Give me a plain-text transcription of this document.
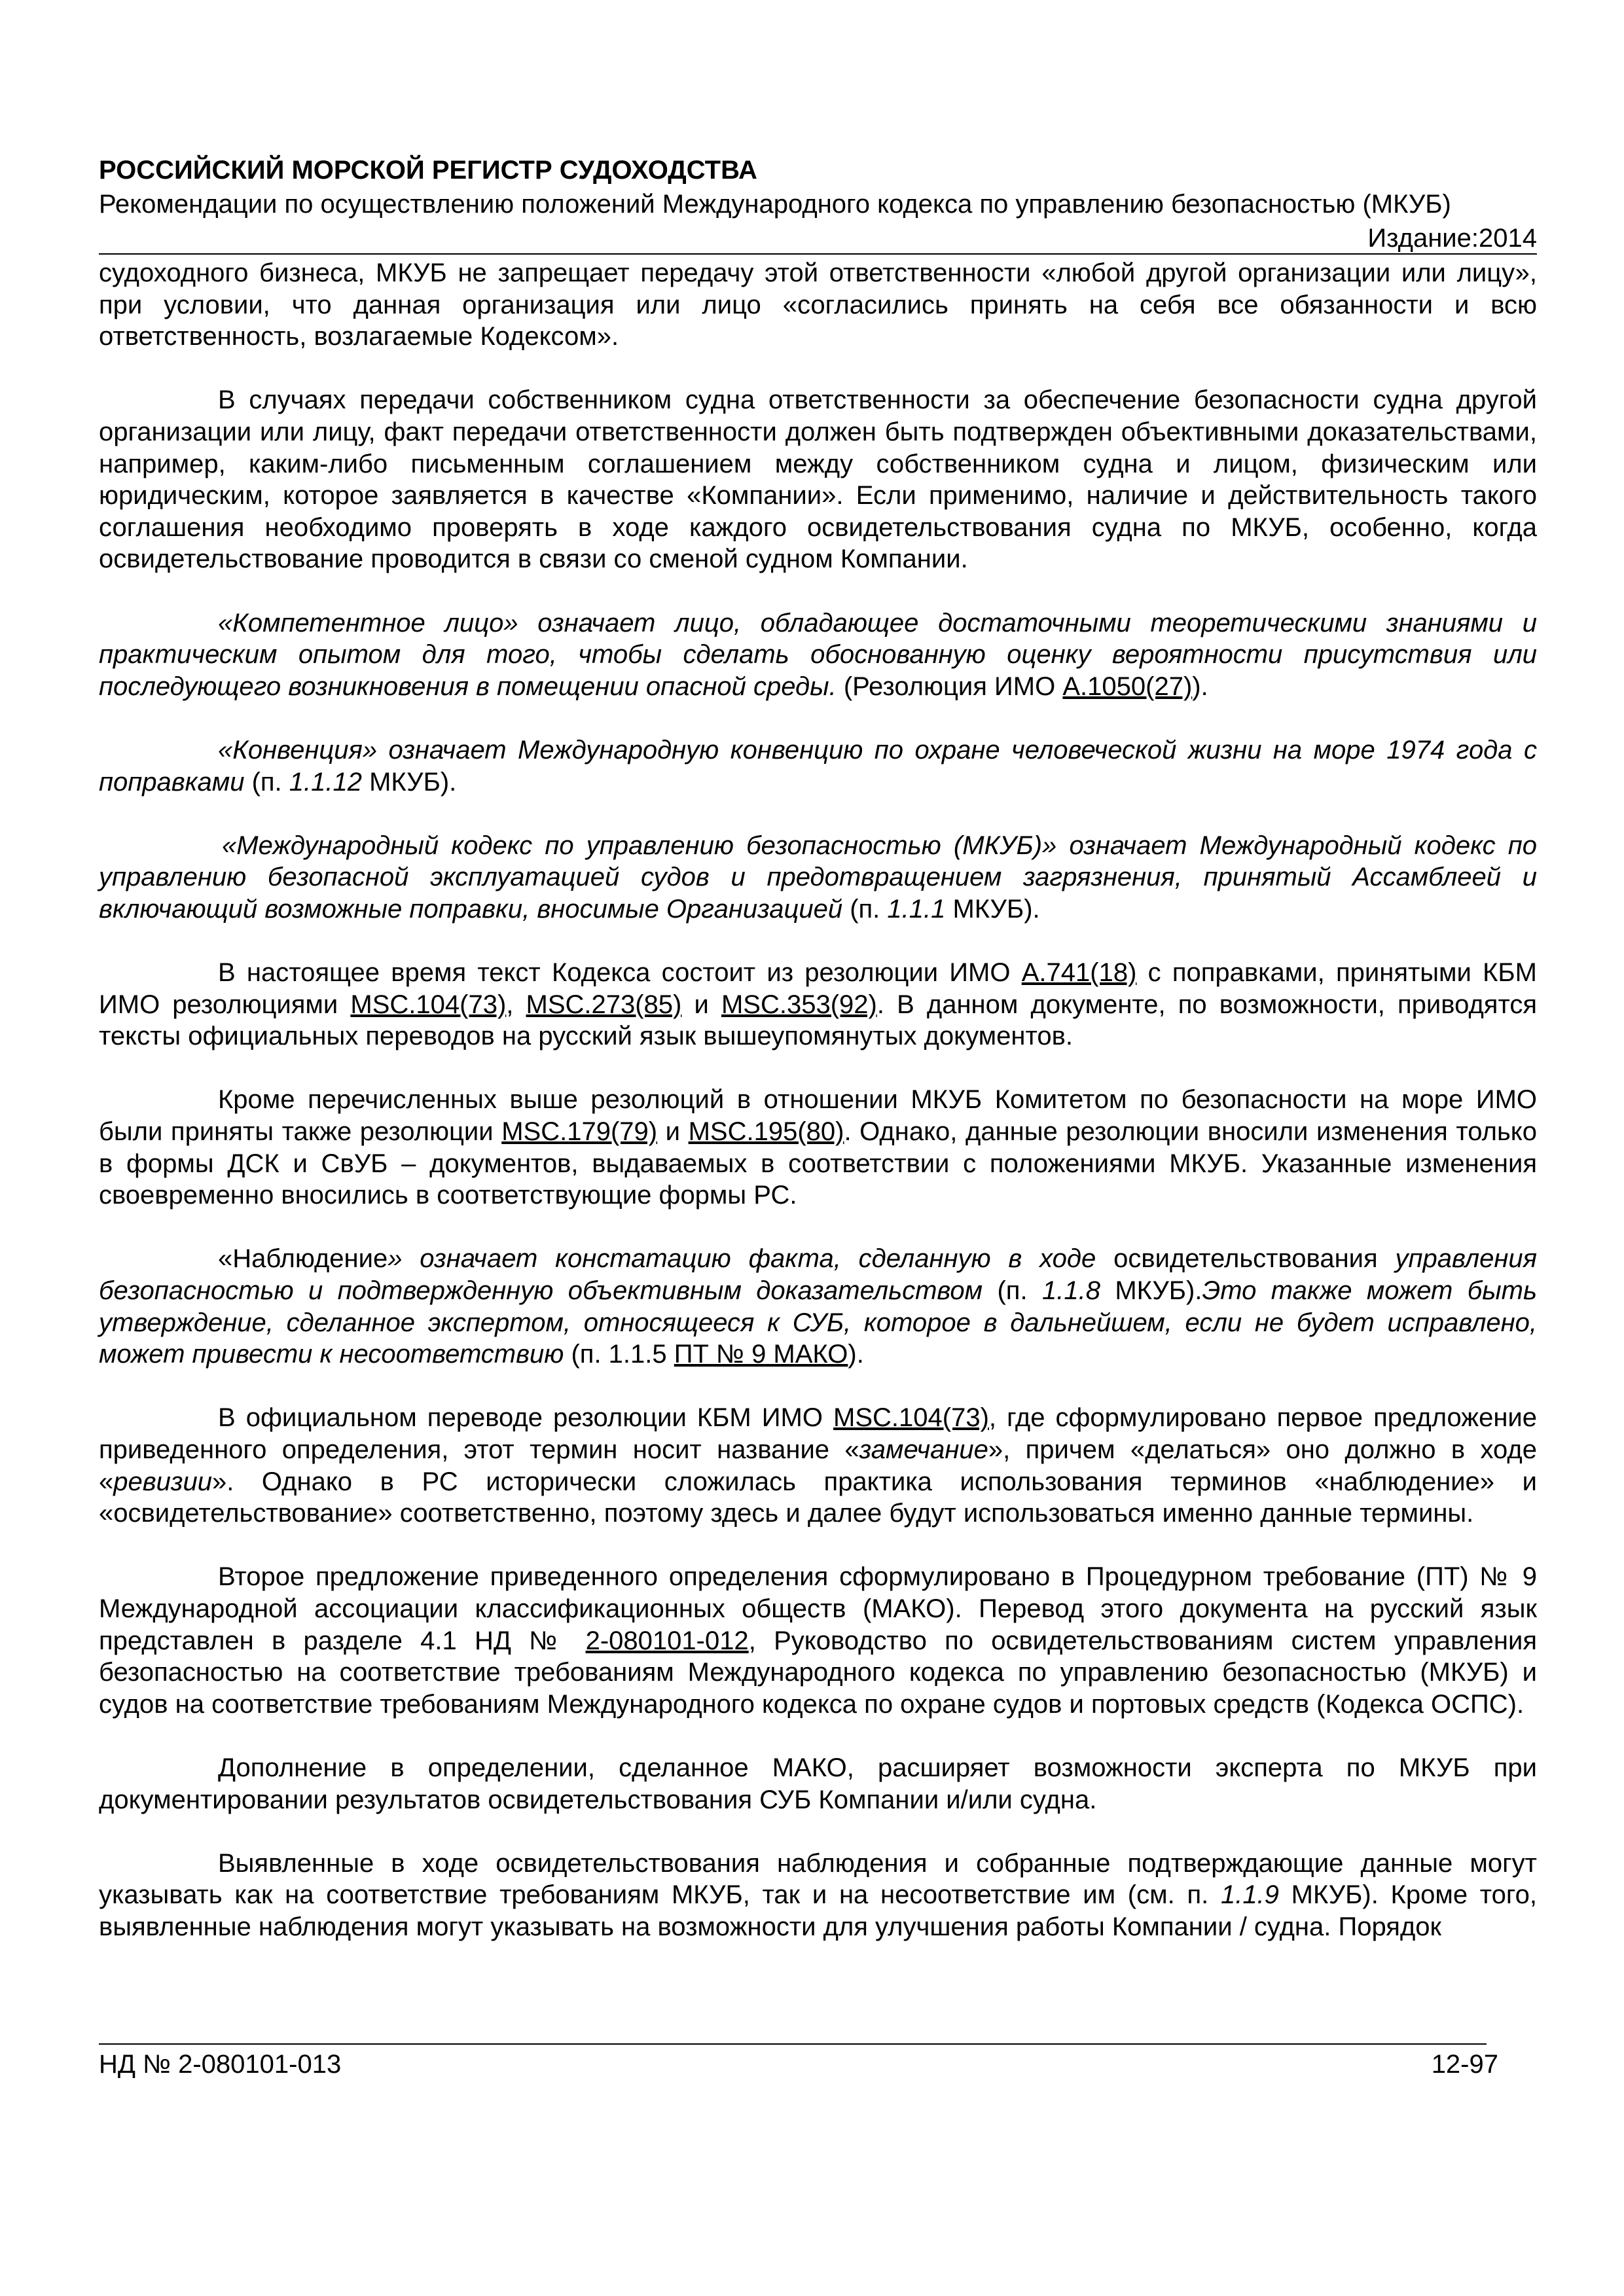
РОССИЙСКИЙ МОРСКОЙ РЕГИСТР СУДОХОДСТВА
Рекомендации по осуществлению положений Международного кодекса по управлению безопасностью (МКУБ)
Издание:2014

судоходного бизнеса, МКУБ не запрещает передачу этой ответственности «любой другой организации или лицу», при условии, что данная организация или лицо «согласились принять на себя все обязанности и всю ответственность, возлагаемые Кодексом».

В случаях передачи собственником судна ответственности за обеспечение безопасности судна другой организации или лицу, факт передачи ответственности должен быть подтвержден объективными доказательствами, например, каким-либо письменным соглашением между собственником судна и лицом, физическим или юридическим, которое заявляется в качестве «Компании». Если применимо, наличие и действительность такого соглашения необходимо проверять в ходе каждого освидетельствования судна по МКУБ, особенно, когда освидетельствование проводится в связи со сменой судном Компании.

«Компетентное лицо» означает лицо, обладающее достаточными теоретическими знаниями и практическим опытом для того, чтобы сделать обоснованную оценку вероятности присутствия или последующего возникновения в помещении опасной среды. (Резолюция ИМО A.1050(27)).

«Конвенция» означает Международную конвенцию по охране человеческой жизни на море 1974 года с поправками (п. 1.1.12 МКУБ).

«Международный кодекс по управлению безопасностью (МКУБ)» означает Международный кодекс по управлению безопасной эксплуатацией судов и предотвращением загрязнения, принятый Ассамблеей и включающий возможные поправки, вносимые Организацией (п. 1.1.1 МКУБ).

В настоящее время текст Кодекса состоит из резолюции ИМО A.741(18) с поправками, принятыми КБМ ИМО резолюциями MSC.104(73), MSC.273(85) и MSC.353(92). В данном документе, по возможности, приводятся тексты официальных переводов на русский язык вышеупомянутых документов.

Кроме перечисленных выше резолюций в отношении МКУБ Комитетом по безопасности на море ИМО были приняты также резолюции MSC.179(79) и MSC.195(80). Однако, данные резолюции вносили изменения только в формы ДСК и СвУБ – документов, выдаваемых в соответствии с положениями МКУБ. Указанные изменения своевременно вносились в соответствующие формы РС.

«Наблюдение» означает констатацию факта, сделанную в ходе освидетельствования управления безопасностью и подтвержденную объективным доказательством (п. 1.1.8 МКУБ).Это также может быть утверждение, сделанное экспертом, относящееся к СУБ, которое в дальнейшем, если не будет исправлено, может привести к несоответствию (п. 1.1.5 ПТ № 9 МАКО).

В официальном переводе резолюции КБМ ИМО MSC.104(73), где сформулировано первое предложение приведенного определения, этот термин носит название «замечание», причем «делаться» оно должно в ходе «ревизии». Однако в РС исторически сложилась практика использования терминов «наблюдение» и «освидетельствование» соответственно, поэтому здесь и далее будут использоваться именно данные термины.

Второе предложение приведенного определения сформулировано в Процедурном требование (ПТ) № 9 Международной ассоциации классификационных обществ (МАКО). Перевод этого документа на русский язык представлен в разделе 4.1 НД № 2-080101-012, Руководство по освидетельствованиям систем управления безопасностью на соответствие требованиям Международного кодекса по управлению безопасностью (МКУБ) и судов на соответствие требованиям Международного кодекса по охране судов и портовых средств (Кодекса ОСПС).

Дополнение в определении, сделанное МАКО, расширяет возможности эксперта по МКУБ при документировании результатов освидетельствования СУБ Компании и/или судна.

Выявленные в ходе освидетельствования наблюдения и собранные подтверждающие данные могут указывать как на соответствие требованиям МКУБ, так и на несоответствие им (см. п. 1.1.9 МКУБ). Кроме того, выявленные наблюдения могут указывать на возможности для улучшения работы Компании / судна. Порядок

НД № 2-080101-013	12-97
